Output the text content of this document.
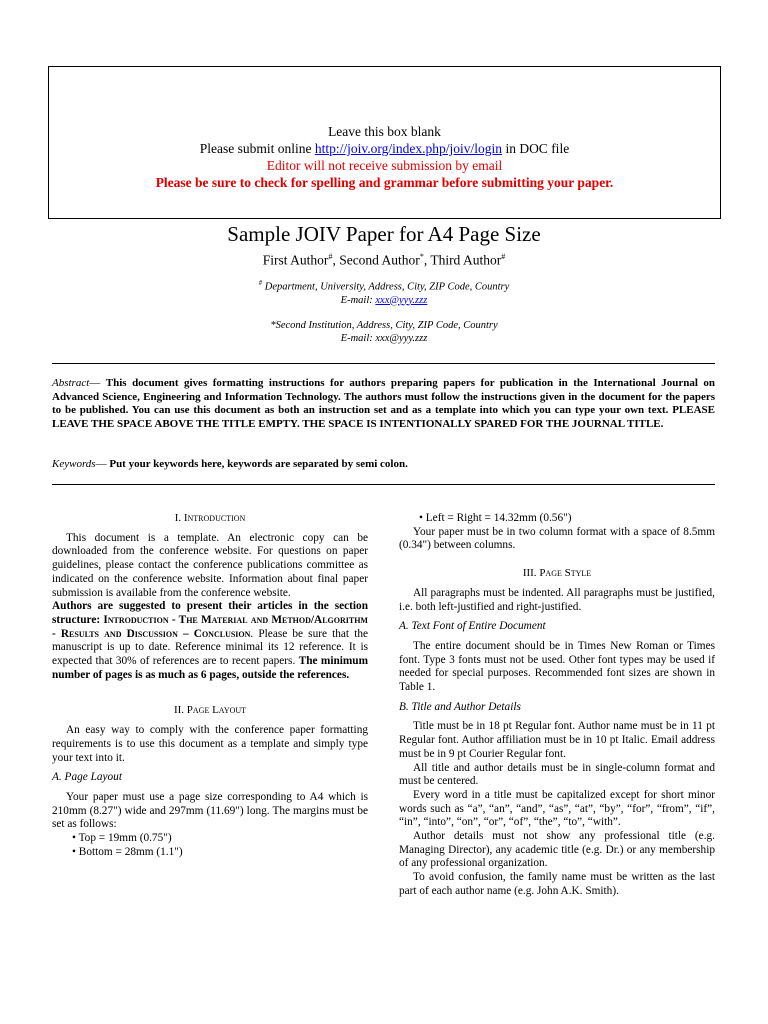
Leave this box blank
Please submit online http://joiv.org/index.php/joiv/login in DOC file
Editor will not receive submission by email
Please be sure to check for spelling and grammar before submitting your paper.
Sample JOIV Paper for A4 Page Size
First Author#, Second Author*, Third Author#
# Department, University, Address, City, ZIP Code, Country
E-mail: xxx@yyy.zzz
*Second Institution, Address, City, ZIP Code, Country
E-mail: xxx@yyy.zzz
Abstract— This document gives formatting instructions for authors preparing papers for publication in the International Journal on Advanced Science, Engineering and Information Technology. The authors must follow the instructions given in the document for the papers to be published. You can use this document as both an instruction set and as a template into which you can type your own text. PLEASE LEAVE THE SPACE ABOVE THE TITLE EMPTY. THE SPACE IS INTENTIONALLY SPARED FOR THE JOURNAL TITLE.
Keywords— Put your keywords here, keywords are separated by semi colon.

I. Introduction

This document is a template. An electronic copy can be downloaded from the conference website. For questions on paper guidelines, please contact the conference publications committee as indicated on the conference website. Information about final paper submission is available from the conference website.

Authors are suggested to present their articles in the section structure: Introduction - The Material and Method/Algorithm - Results and Discussion – Conclusion. Please be sure that the manuscript is up to date. Reference minimal its 12 reference. It is expected that 30% of references are to recent papers. The minimum number of pages is as much as 6 pages, outside the references.

II. Page Layout

An easy way to comply with the conference paper formatting requirements is to use this document as a template and simply type your text into it.

A. Page Layout

Your paper must use a page size corresponding to A4 which is 210mm (8.27") wide and 297mm (11.69") long. The margins must be set as follows:

• Top = 19mm (0.75")

• Bottom = 28mm (1.1")

• Left = Right = 14.32mm (0.56")

Your paper must be in two column format with a space of 8.5mm (0.34") between columns.

III. Page Style

All paragraphs must be indented. All paragraphs must be justified, i.e. both left-justified and right-justified.

A. Text Font of Entire Document

The entire document should be in Times New Roman or Times font. Type 3 fonts must not be used. Other font types may be used if needed for special purposes. Recommended font sizes are shown in Table 1.

B. Title and Author Details

Title must be in 18 pt Regular font. Author name must be in 11 pt Regular font. Author affiliation must be in 10 pt Italic. Email address must be in 9 pt Courier Regular font.

All title and author details must be in single-column format and must be centered.

Every word in a title must be capitalized except for short minor words such as “a”, “an”, “and”, “as”, “at”, “by”, “for”, “from”, “if”, “in”, “into”, “on”, “or”, “of”, “the”, “to”, “with”.

Author details must not show any professional title (e.g. Managing Director), any academic title (e.g. Dr.) or any membership of any professional organization.

To avoid confusion, the family name must be written as the last part of each author name (e.g. John A.K. Smith).
